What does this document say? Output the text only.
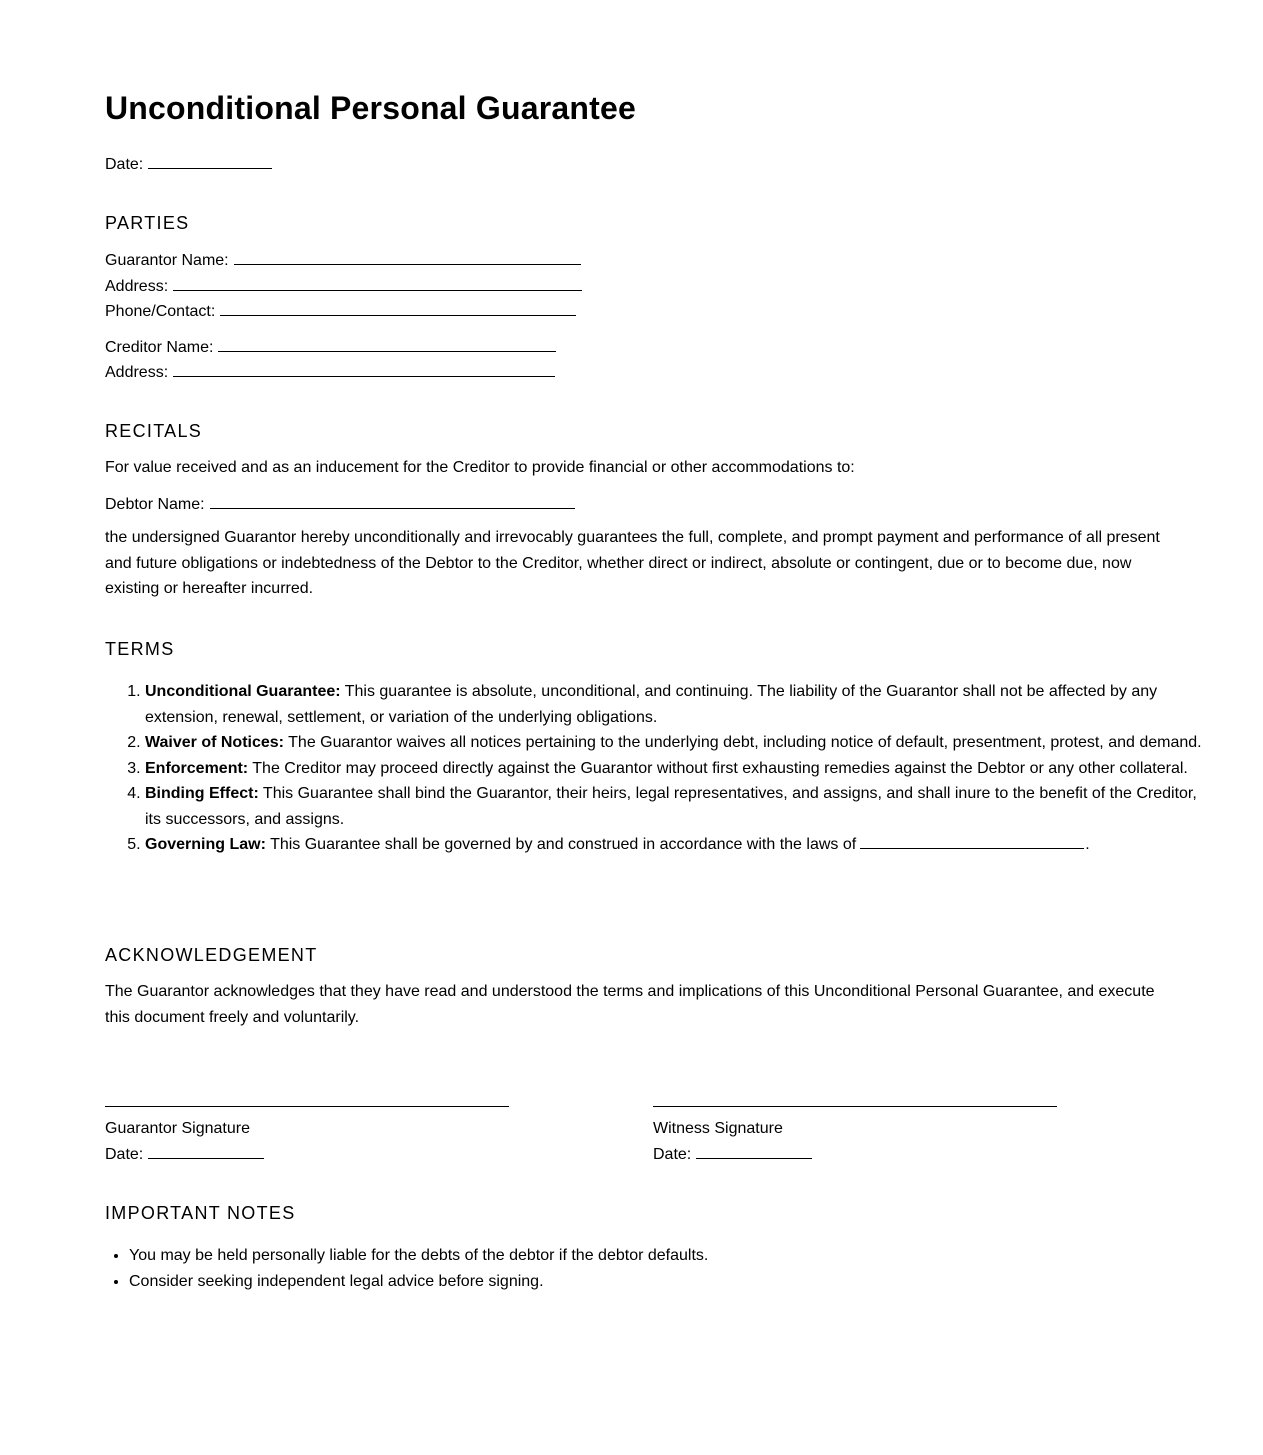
Unconditional Personal Guarantee
Date:
PARTIES
Guarantor Name:
Address:
Phone/Contact:
Creditor Name:
Address:
RECITALS
For value received and as an inducement for the Creditor to provide financial or other accommodations to:
Debtor Name:
the undersigned Guarantor hereby unconditionally and irrevocably guarantees the full, complete, and prompt payment and performance of all present and future obligations or indebtedness of the Debtor to the Creditor, whether direct or indirect, absolute or contingent, due or to become due, now existing or hereafter incurred.
TERMS
1. Unconditional Guarantee: This guarantee is absolute, unconditional, and continuing. The liability of the Guarantor shall not be affected by any extension, renewal, settlement, or variation of the underlying obligations.
2. Waiver of Notices: The Guarantor waives all notices pertaining to the underlying debt, including notice of default, presentment, protest, and demand.
3. Enforcement: The Creditor may proceed directly against the Guarantor without first exhausting remedies against the Debtor or any other collateral.
4. Binding Effect: This Guarantee shall bind the Guarantor, their heirs, legal representatives, and assigns, and shall inure to the benefit of the Creditor, its successors, and assigns.
5. Governing Law: This Guarantee shall be governed by and construed in accordance with the laws of	.
ACKNOWLEDGEMENT
The Guarantor acknowledges that they have read and understood the terms and implications of this Unconditional Personal Guarantee, and execute this document freely and voluntarily.
Guarantor Signature
Date:
Witness Signature
Date:
IMPORTANT NOTES
• You may be held personally liable for the debts of the debtor if the debtor defaults.
• Consider seeking independent legal advice before signing.
